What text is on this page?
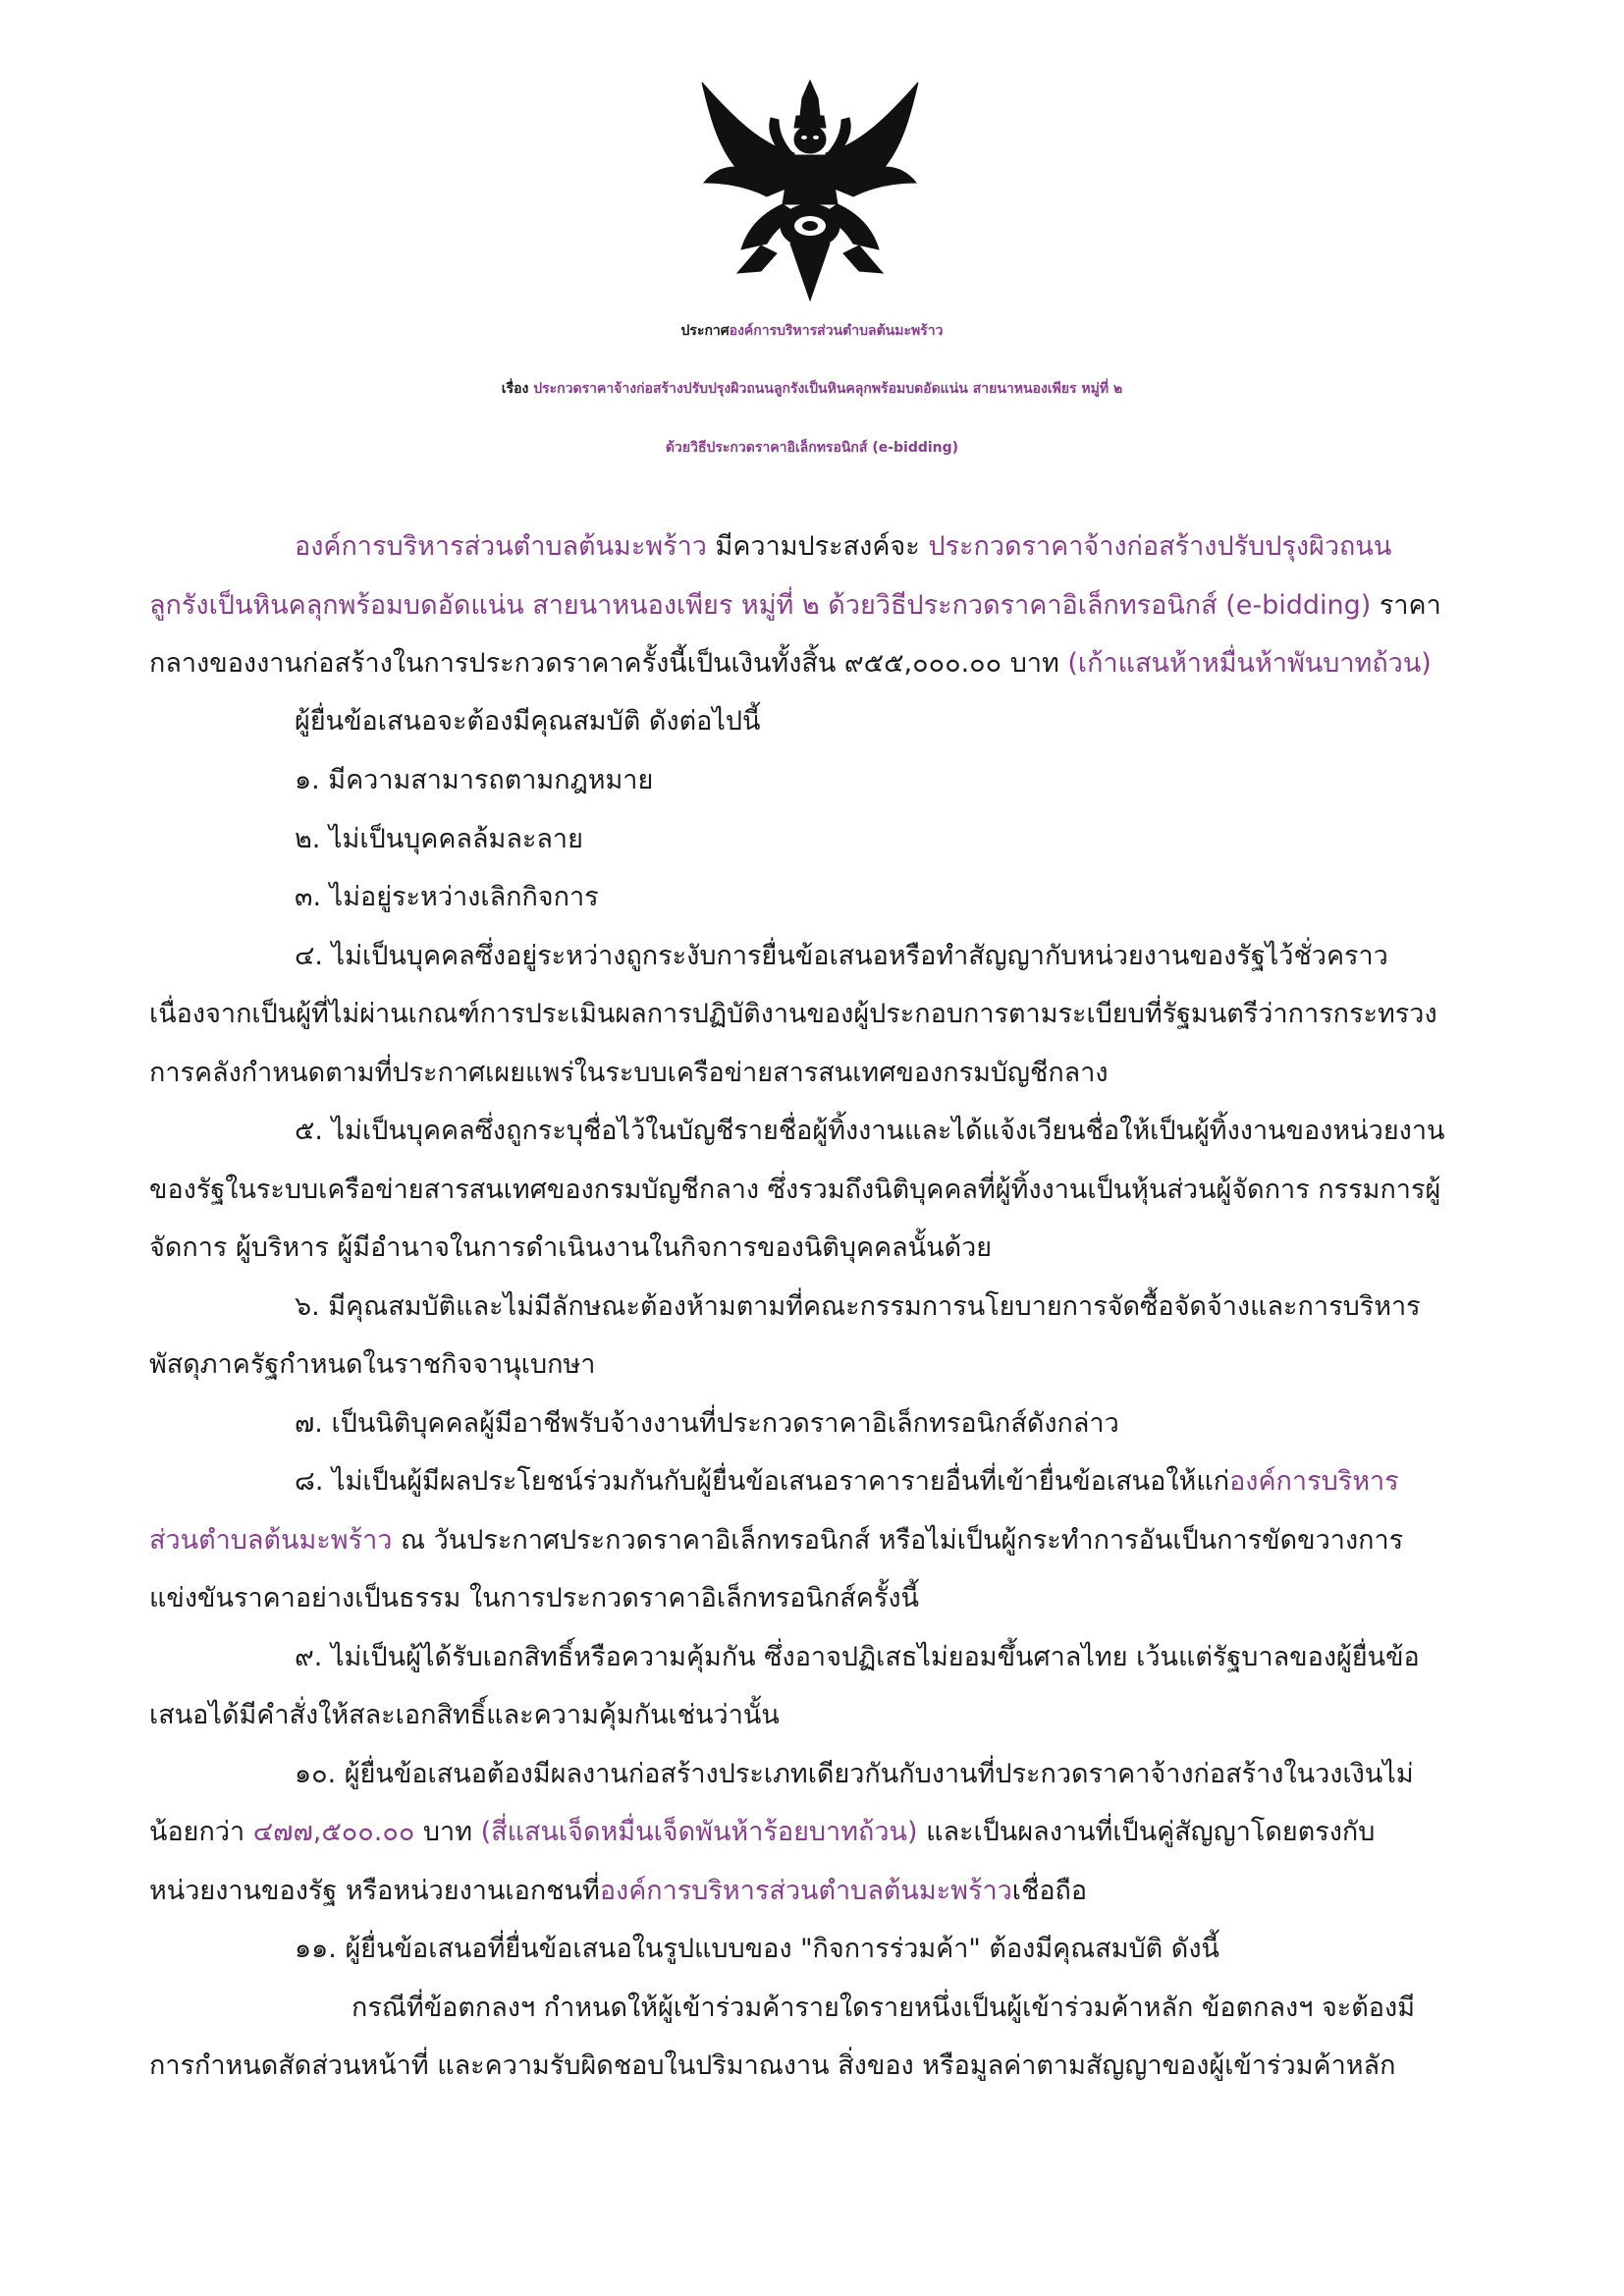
ประกาศองค์การบริหารส่วนตำบลต้นมะพร้าว
เรื่อง ประกวดราคาจ้างก่อสร้างปรับปรุงผิวถนนลูกรังเป็นหินคลุกพร้อมบดอัดแน่น สายนาหนองเพียร หมู่ที่ ๒
ด้วยวิธีประกวดราคาอิเล็กทรอนิกส์ (e-bidding)
องค์การบริหารส่วนตำบลต้นมะพร้าว มีความประสงค์จะ ประกวดราคาจ้างก่อสร้างปรับปรุงผิวถนน
ลูกรังเป็นหินคลุกพร้อมบดอัดแน่น สายนาหนองเพียร หมู่ที่ ๒ ด้วยวิธีประกวดราคาอิเล็กทรอนิกส์ (e-bidding) ราคา
กลางของงานก่อสร้างในการประกวดราคาครั้งนี้เป็นเงินทั้งสิ้น ๙๕๕,๐๐๐.๐๐ บาท (เก้าแสนห้าหมื่นห้าพันบาทถ้วน)
ผู้ยื่นข้อเสนอจะต้องมีคุณสมบัติ ดังต่อไปนี้
๑. มีความสามารถตามกฎหมาย
๒. ไม่เป็นบุคคลล้มละลาย
๓. ไม่อยู่ระหว่างเลิกกิจการ
๔. ไม่เป็นบุคคลซึ่งอยู่ระหว่างถูกระงับการยื่นข้อเสนอหรือทำสัญญากับหน่วยงานของรัฐไว้ชั่วคราว
เนื่องจากเป็นผู้ที่ไม่ผ่านเกณฑ์การประเมินผลการปฏิบัติงานของผู้ประกอบการตามระเบียบที่รัฐมนตรีว่าการกระทรวง
การคลังกำหนดตามที่ประกาศเผยแพร่ในระบบเครือข่ายสารสนเทศของกรมบัญชีกลาง
๕. ไม่เป็นบุคคลซึ่งถูกระบุชื่อไว้ในบัญชีรายชื่อผู้ทิ้งงานและได้แจ้งเวียนชื่อให้เป็นผู้ทิ้งงานของหน่วยงาน
ของรัฐในระบบเครือข่ายสารสนเทศของกรมบัญชีกลาง ซึ่งรวมถึงนิติบุคคลที่ผู้ทิ้งงานเป็นหุ้นส่วนผู้จัดการ กรรมการผู้
จัดการ ผู้บริหาร ผู้มีอำนาจในการดำเนินงานในกิจการของนิติบุคคลนั้นด้วย
๖. มีคุณสมบัติและไม่มีลักษณะต้องห้ามตามที่คณะกรรมการนโยบายการจัดซื้อจัดจ้างและการบริหาร
พัสดุภาครัฐกำหนดในราชกิจจานุเบกษา
๗. เป็นนิติบุคคลผู้มีอาชีพรับจ้างงานที่ประกวดราคาอิเล็กทรอนิกส์ดังกล่าว
๘. ไม่เป็นผู้มีผลประโยชน์ร่วมกันกับผู้ยื่นข้อเสนอราคารายอื่นที่เข้ายื่นข้อเสนอให้แก่องค์การบริหาร
ส่วนตำบลต้นมะพร้าว ณ วันประกาศประกวดราคาอิเล็กทรอนิกส์ หรือไม่เป็นผู้กระทำการอันเป็นการขัดขวางการ
แข่งขันราคาอย่างเป็นธรรม ในการประกวดราคาอิเล็กทรอนิกส์ครั้งนี้
๙. ไม่เป็นผู้ได้รับเอกสิทธิ์หรือความคุ้มกัน ซึ่งอาจปฏิเสธไม่ยอมขึ้นศาลไทย เว้นแต่รัฐบาลของผู้ยื่นข้อ
เสนอได้มีคำสั่งให้สละเอกสิทธิ์และความคุ้มกันเช่นว่านั้น
๑๐. ผู้ยื่นข้อเสนอต้องมีผลงานก่อสร้างประเภทเดียวกันกับงานที่ประกวดราคาจ้างก่อสร้างในวงเงินไม่
น้อยกว่า ๔๗๗,๕๐๐.๐๐ บาท (สี่แสนเจ็ดหมื่นเจ็ดพันห้าร้อยบาทถ้วน) และเป็นผลงานที่เป็นคู่สัญญาโดยตรงกับ
หน่วยงานของรัฐ หรือหน่วยงานเอกชนที่องค์การบริหารส่วนตำบลต้นมะพร้าวเชื่อถือ
๑๑. ผู้ยื่นข้อเสนอที่ยื่นข้อเสนอในรูปแบบของ "กิจการร่วมค้า" ต้องมีคุณสมบัติ ดังนี้
กรณีที่ข้อตกลงฯ กำหนดให้ผู้เข้าร่วมค้ารายใดรายหนึ่งเป็นผู้เข้าร่วมค้าหลัก ข้อตกลงฯ จะต้องมี
การกำหนดสัดส่วนหน้าที่ และความรับผิดชอบในปริมาณงาน สิ่งของ หรือมูลค่าตามสัญญาของผู้เข้าร่วมค้าหลัก
